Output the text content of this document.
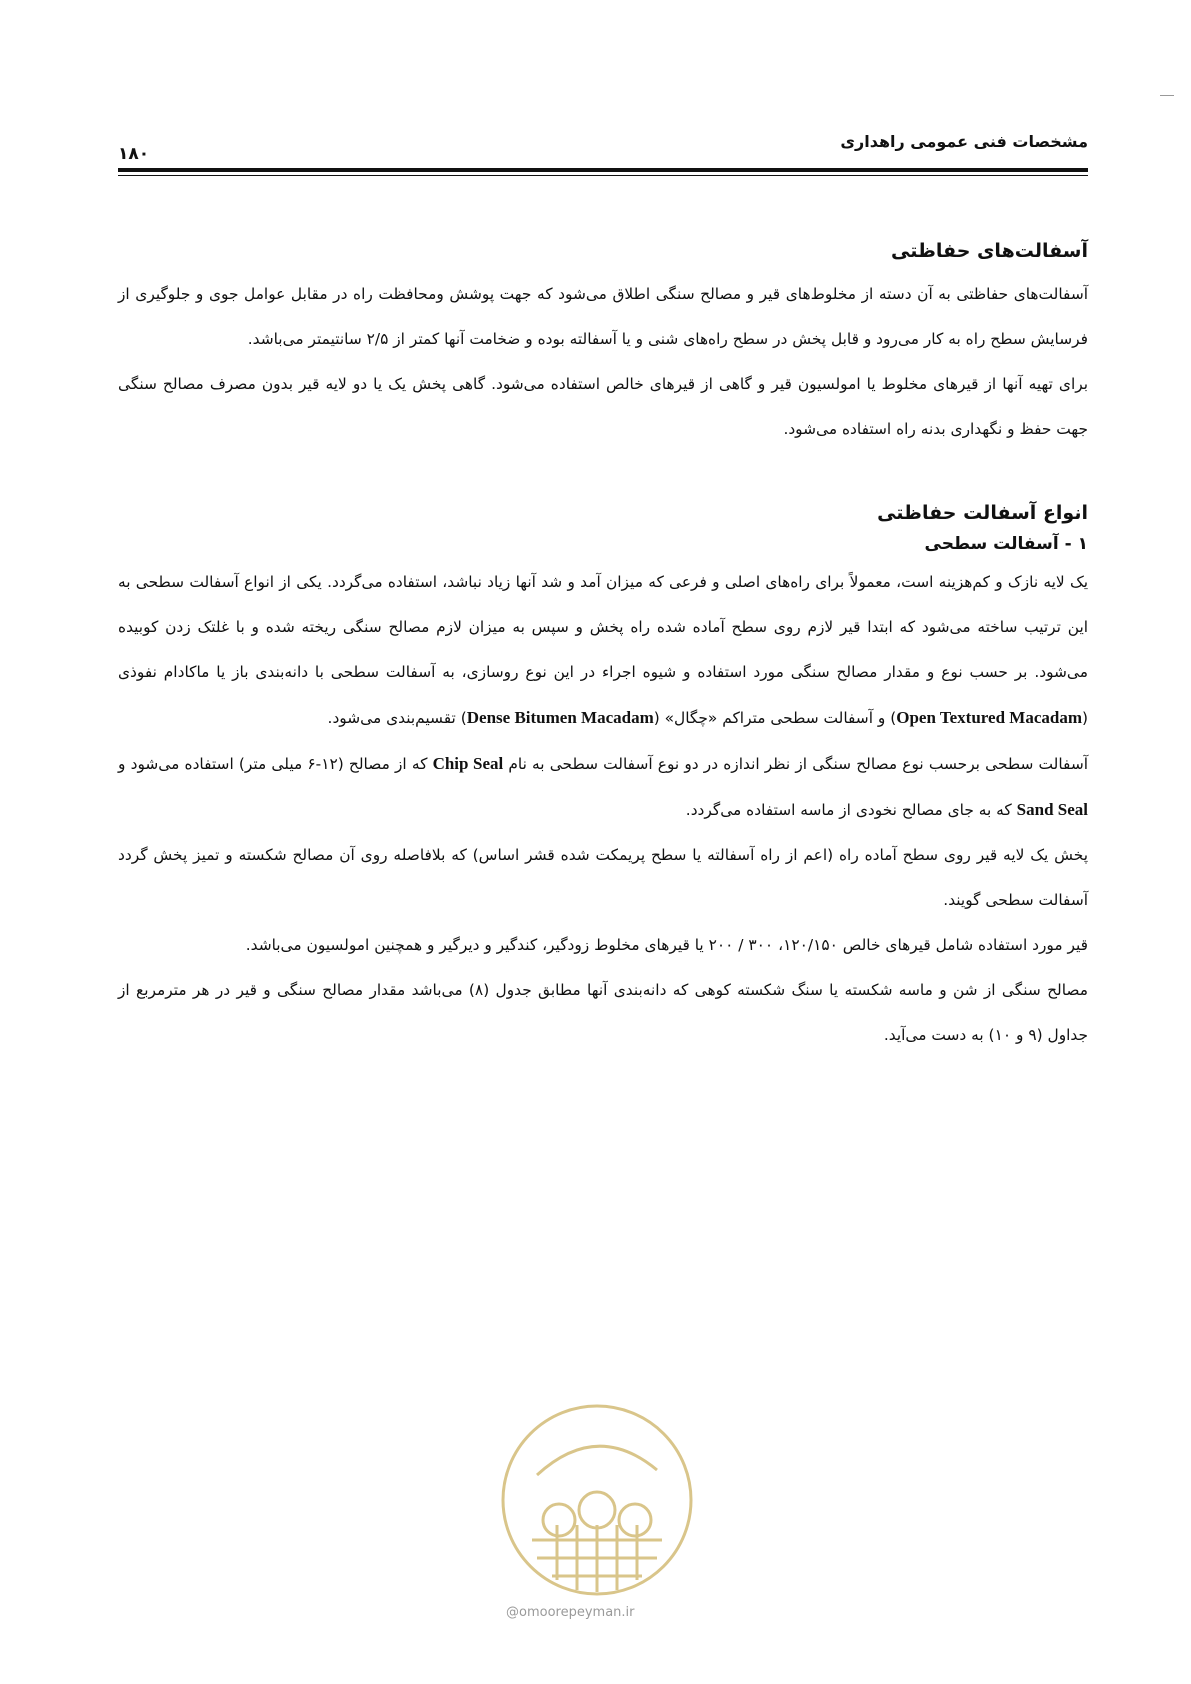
مشخصات فنی عمومی راهداری
۱۸۰
آسفالت‌های حفاظتی

آسفالت‌های حفاظتی به آن دسته از مخلوط‌های قیر و مصالح سنگی اطلاق می‌شود که جهت پوشش ومحافظت راه در مقابل عوامل جوی و جلوگیری از فرسایش سطح راه به کار می‌رود و قابل پخش در سطح راه‌های شنی و یا آسفالته بوده و ضخامت آنها کمتر از ۲/۵ سانتیمتر می‌باشد.

برای تهیه آنها از قیرهای مخلوط یا امولسیون قیر و گاهی از قیرهای خالص استفاده می‌شود. گاهی پخش یک یا دو لایه قیر بدون مصرف مصالح سنگی جهت حفظ و نگهداری بدنه راه استفاده می‌شود.

انواع آسفالت حفاظتی
۱ - آسفالت سطحی

یک لایه نازک و کم‌هزینه است، معمولاً برای راه‌های اصلی و فرعی که میزان آمد و شد آنها زیاد نباشد، استفاده می‌گردد. یکی از انواع آسفالت سطحی به این ترتیب ساخته می‌شود که ابتدا قیر لازم روی سطح آماده شده راه پخش و سپس به میزان لازم مصالح سنگی ریخته شده و با غلتک زدن کوبیده می‌شود. بر حسب نوع و مقدار مصالح سنگی مورد استفاده و شیوه اجراء در این نوع روسازی، به آسفالت سطحی با دانه‌بندی باز یا ماکادام نفوذی (Open Textured Macadam) و آسفالت سطحی متراکم «چگال» (Dense Bitumen Macadam) تقسیم‌بندی می‌شود.

آسفالت سطحی برحسب نوع مصالح سنگی از نظر اندازه در دو نوع آسفالت سطحی به نام Chip Seal که از مصالح (۱۲-۶ میلی متر) استفاده می‌شود و Sand Seal که به جای مصالح نخودی از ماسه استفاده می‌گردد.

پخش یک لایه قیر روی سطح آماده راه (اعم از راه آسفالته یا سطح پریمکت شده قشر اساس) که بلافاصله روی آن مصالح شکسته و تمیز پخش گردد آسفالت سطحی گویند.

قیر مورد استفاده شامل قیرهای خالص ۱۲۰/۱۵۰، ۳۰۰ / ۲۰۰ یا قیرهای مخلوط زودگیر، کندگیر و دیرگیر و همچنین امولسیون می‌باشد.

مصالح سنگی از شن و ماسه شکسته یا سنگ شکسته کوهی که دانه‌بندی آنها مطابق جدول (۸) می‌باشد مقدار مصالح سنگی و قیر در هر مترمربع از جداول (۹ و ۱۰) به دست می‌آید.

@omoorepeyman.ir
